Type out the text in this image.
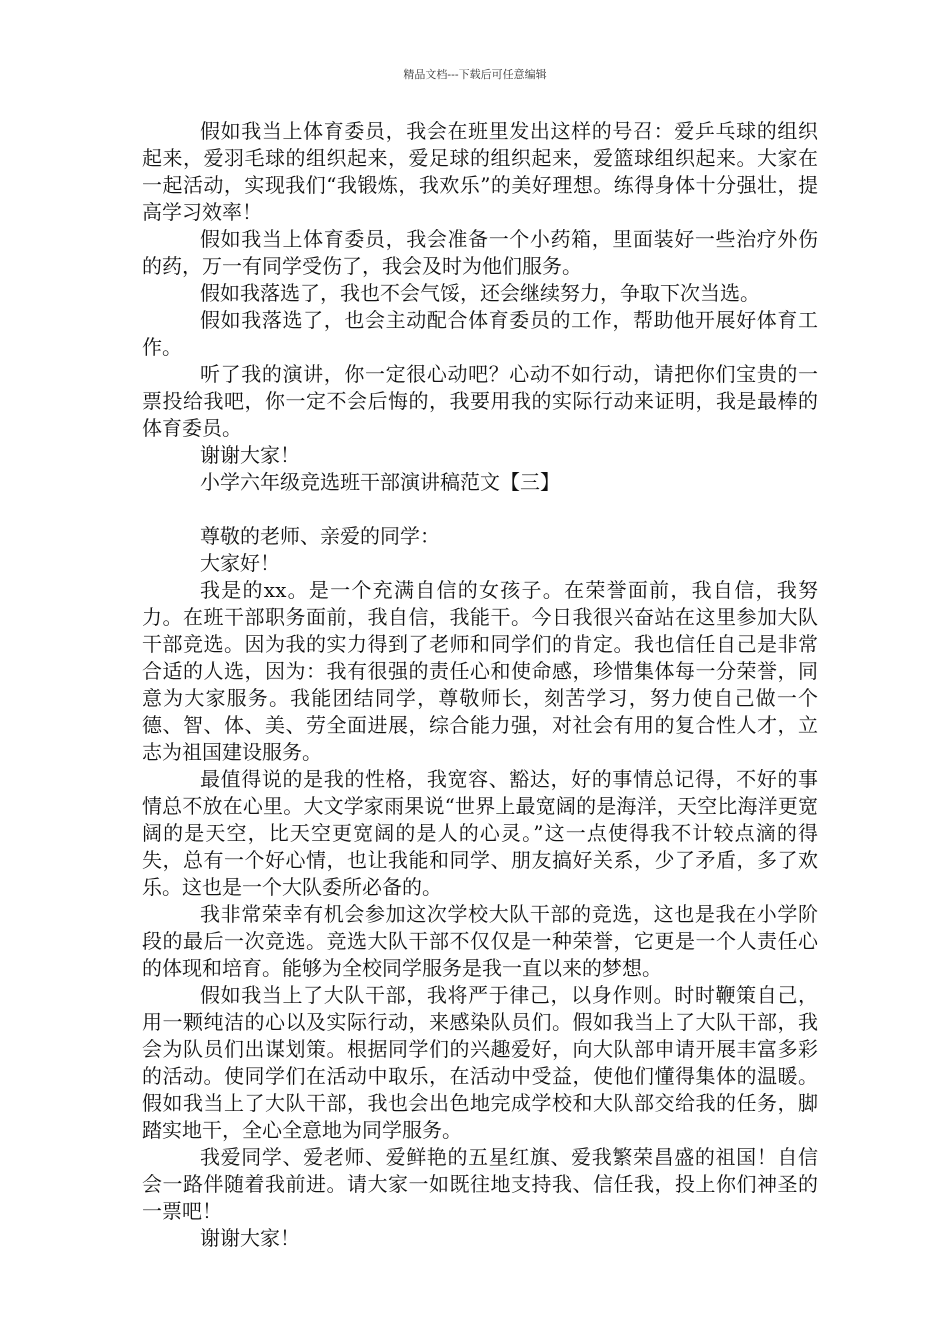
精品文档---下载后可任意编辑

假如我当上体育委员，我会在班里发出这样的号召：爱乒乓球的组织起来，爱羽毛球的组织起来，爱足球的组织起来，爱篮球组织起来。大家在一起活动，实现我们“我锻炼，我欢乐”的美好理想。练得身体十分强壮，提高学习效率！

假如我当上体育委员，我会准备一个小药箱，里面装好一些治疗外伤的药，万一有同学受伤了，我会及时为他们服务。

假如我落选了，我也不会气馁，还会继续努力，争取下次当选。

假如我落选了，也会主动配合体育委员的工作，帮助他开展好体育工作。

听了我的演讲，你一定很心动吧？心动不如行动，请把你们宝贵的一票投给我吧，你一定不会后悔的，我要用我的实际行动来证明，我是最棒的体育委员。

谢谢大家！

小学六年级竞选班干部演讲稿范文【三】

尊敬的老师、亲爱的同学：

大家好！

我是的xx。是一个充满自信的女孩子。在荣誉面前，我自信，我努力。在班干部职务面前，我自信，我能干。今日我很兴奋站在这里参加大队干部竞选。因为我的实力得到了老师和同学们的肯定。我也信任自己是非常合适的人选，因为：我有很强的责任心和使命感，珍惜集体每一分荣誉，同意为大家服务。我能团结同学，尊敬师长，刻苦学习，努力使自己做一个德、智、体、美、劳全面进展，综合能力强，对社会有用的复合性人才，立志为祖国建设服务。

最值得说的是我的性格，我宽容、豁达，好的事情总记得，不好的事情总不放在心里。大文学家雨果说“世界上最宽阔的是海洋，天空比海洋更宽阔的是天空，比天空更宽阔的是人的心灵。”这一点使得我不计较点滴的得失，总有一个好心情，也让我能和同学、朋友搞好关系，少了矛盾，多了欢乐。这也是一个大队委所必备的。

我非常荣幸有机会参加这次学校大队干部的竞选，这也是我在小学阶段的最后一次竞选。竞选大队干部不仅仅是一种荣誉，它更是一个人责任心的体现和培育。能够为全校同学服务是我一直以来的梦想。

假如我当上了大队干部，我将严于律己，以身作则。时时鞭策自己，用一颗纯洁的心以及实际行动，来感染队员们。假如我当上了大队干部，我会为队员们出谋划策。根据同学们的兴趣爱好，向大队部申请开展丰富多彩的活动。使同学们在活动中取乐，在活动中受益，使他们懂得集体的温暖。假如我当上了大队干部，我也会出色地完成学校和大队部交给我的任务，脚踏实地干，全心全意地为同学服务。

我爱同学、爱老师、爱鲜艳的五星红旗、爱我繁荣昌盛的祖国！自信会一路伴随着我前进。请大家一如既往地支持我、信任我，投上你们神圣的一票吧！

谢谢大家！
